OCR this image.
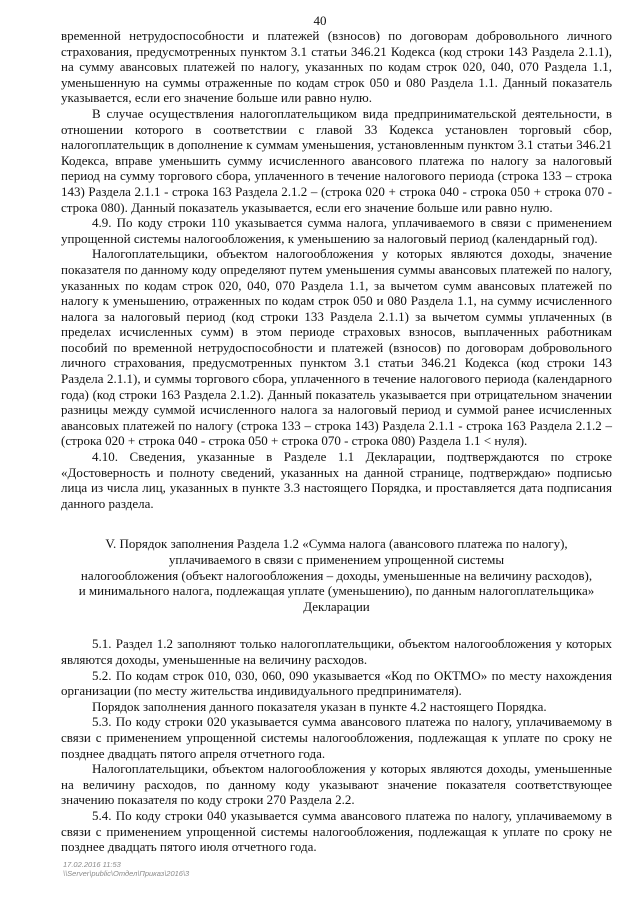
40

временной нетрудоспособности и платежей (взносов) по договорам добровольного личного страхования, предусмотренных пунктом 3.1 статьи 346.21 Кодекса (код строки 143 Раздела 2.1.1), на сумму авансовых платежей по налогу, указанных по кодам строк 020, 040, 070 Раздела 1.1, уменьшенную на суммы отраженные по кодам строк 050 и 080 Раздела 1.1. Данный показатель указывается, если его значение больше или равно нулю.

В случае осуществления налогоплательщиком вида предпринимательской деятельности, в отношении которого в соответствии с главой 33 Кодекса установлен торговый сбор, налогоплательщик в дополнение к суммам уменьшения, установленным пунктом 3.1 статьи 346.21 Кодекса, вправе уменьшить сумму исчисленного авансового платежа по налогу за налоговый период на сумму торгового сбора, уплаченного в течение налогового периода (строка 133 – строка 143) Раздела 2.1.1 - строка 163 Раздела 2.1.2 – (строка 020 + строка 040 - строка 050 + строка 070 - строка 080). Данный показатель указывается, если его значение больше или равно нулю.

4.9. По коду строки 110 указывается сумма налога, уплачиваемого в связи с применением упрощенной системы налогообложения, к уменьшению за налоговый период (календарный год).

Налогоплательщики, объектом налогообложения у которых являются доходы, значение показателя по данному коду определяют путем уменьшения суммы авансовых платежей по налогу, указанных по кодам строк 020, 040, 070 Раздела 1.1, за вычетом сумм авансовых платежей по налогу к уменьшению, отраженных по кодам строк 050 и 080 Раздела 1.1, на сумму исчисленного налога за налоговый период (код строки 133 Раздела 2.1.1) за вычетом суммы уплаченных (в пределах исчисленных сумм) в этом периоде страховых взносов, выплаченных работникам пособий по временной нетрудоспособности и платежей (взносов) по договорам добровольного личного страхования, предусмотренных пунктом 3.1 статьи 346.21 Кодекса (код строки 143 Раздела 2.1.1), и суммы торгового сбора, уплаченного в течение налогового периода (календарного года) (код строки 163 Раздела 2.1.2). Данный показатель указывается при отрицательном значении разницы между суммой исчисленного налога за налоговый период и суммой ранее исчисленных авансовых платежей по налогу (строка 133 – строка 143) Раздела 2.1.1 - строка 163 Раздела 2.1.2 – (строка 020 + строка 040 - строка 050 + строка 070 - строка 080) Раздела 1.1 < нуля).

4.10. Сведения, указанные в Разделе 1.1 Декларации, подтверждаются по строке «Достоверность и полноту сведений, указанных на данной странице, подтверждаю» подписью лица из числа лиц, указанных в пункте 3.3 настоящего Порядка, и проставляется дата подписания данного раздела.

V. Порядок заполнения Раздела 1.2 «Сумма налога (авансового платежа по налогу),
уплачиваемого в связи с применением упрощенной системы
налогообложения (объект налогообложения – доходы, уменьшенные на величину расходов),
и минимального налога, подлежащая уплате (уменьшению), по данным налогоплательщика»
Декларации

5.1. Раздел 1.2 заполняют только налогоплательщики, объектом налогообложения у которых являются доходы, уменьшенные на величину расходов.

5.2. По кодам строк 010, 030, 060, 090 указывается «Код по ОКТМО» по месту нахождения организации (по месту жительства индивидуального предпринимателя).

Порядок заполнения данного показателя указан в пункте 4.2 настоящего Порядка.

5.3. По коду строки 020 указывается сумма авансового платежа по налогу, уплачиваемому в связи с применением упрощенной системы налогообложения, подлежащая к уплате по сроку не позднее двадцать пятого апреля отчетного года.

Налогоплательщики, объектом налогообложения у которых являются доходы, уменьшенные на величину расходов, по данному коду указывают значение показателя соответствующее значению показателя по коду строки 270 Раздела 2.2.

5.4. По коду строки 040 указывается сумма авансового платежа по налогу, уплачиваемому в связи с применением упрощенной системы налогообложения, подлежащая к уплате по сроку не позднее двадцать пятого июля отчетного года.

17.02.2016 11:53
\\Server\public\Отдел\Приказ\2016\3
